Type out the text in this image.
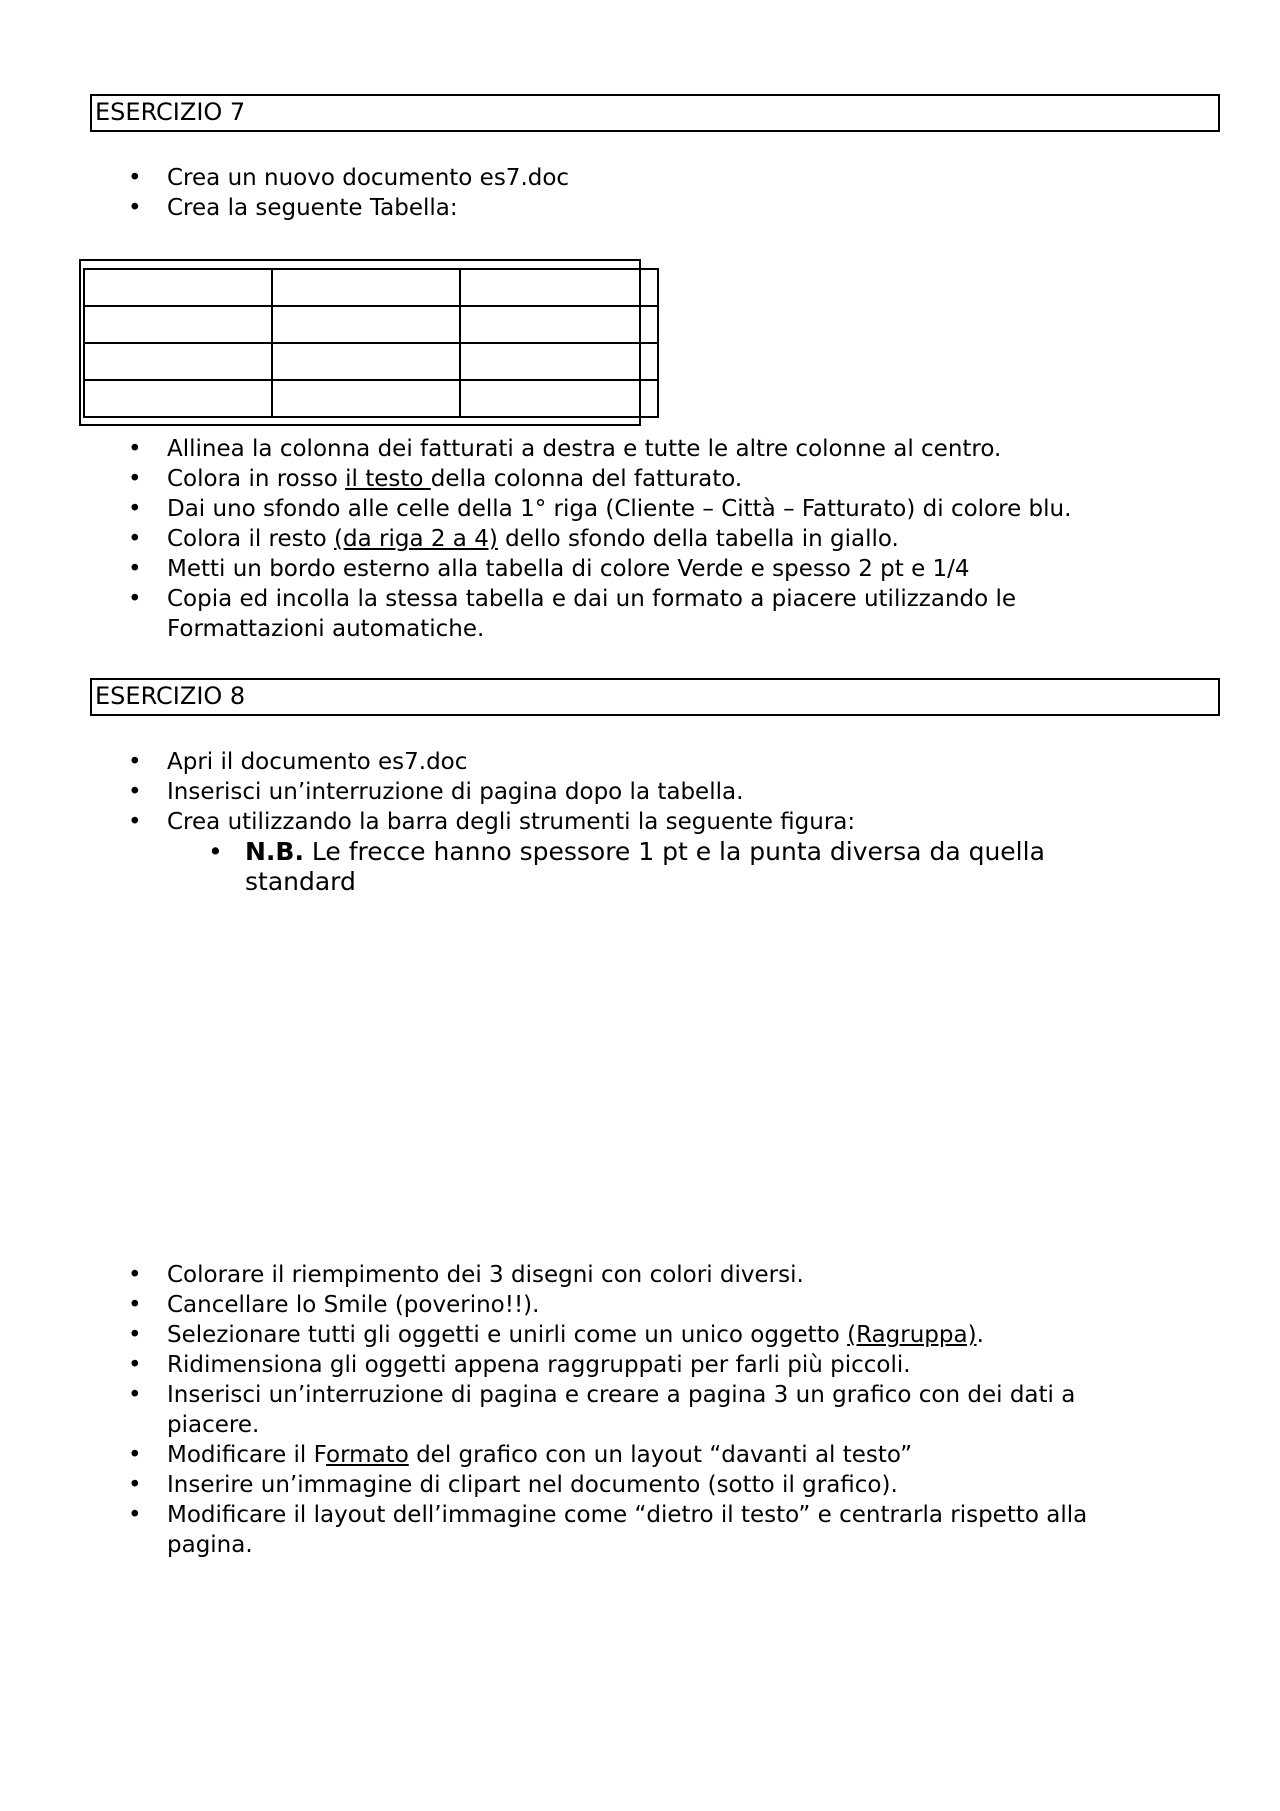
ESERCIZIO 7
• Crea un nuovo documento es7.doc
• Crea la seguente Tabella:

• Allinea la colonna dei fatturati a destra e tutte le altre colonne al centro.
• Colora in rosso il testo della colonna del fatturato.
• Dai uno sfondo alle celle della 1° riga (Cliente – Città – Fatturato) di colore blu.
• Colora il resto (da riga 2 a 4) dello sfondo della tabella in giallo.
• Metti un bordo esterno alla tabella di colore Verde e spesso 2 pt e 1/4
• Copia ed incolla la stessa tabella e dai un formato a piacere utilizzando le Formattazioni automatiche.
ESERCIZIO 8
• Apri il documento es7.doc
• Inserisci un’interruzione di pagina dopo la tabella.
• Crea utilizzando la barra degli strumenti la seguente figura:
• N.B. Le frecce hanno spessore 1 pt e la punta diversa da quella standard
• Colorare il riempimento dei 3 disegni con colori diversi.
• Cancellare lo Smile (poverino!!).
• Selezionare tutti gli oggetti e unirli come un unico oggetto (Ragruppa).
• Ridimensiona gli oggetti appena raggruppati per farli più piccoli.
• Inserisci un’interruzione di pagina e creare a pagina 3 un grafico con dei dati a piacere.
• Modificare il Formato del grafico con un layout “davanti al testo”
• Inserire un’immagine di clipart nel documento (sotto il grafico).
• Modificare il layout dell’immagine come “dietro il testo” e centrarla rispetto alla pagina.
